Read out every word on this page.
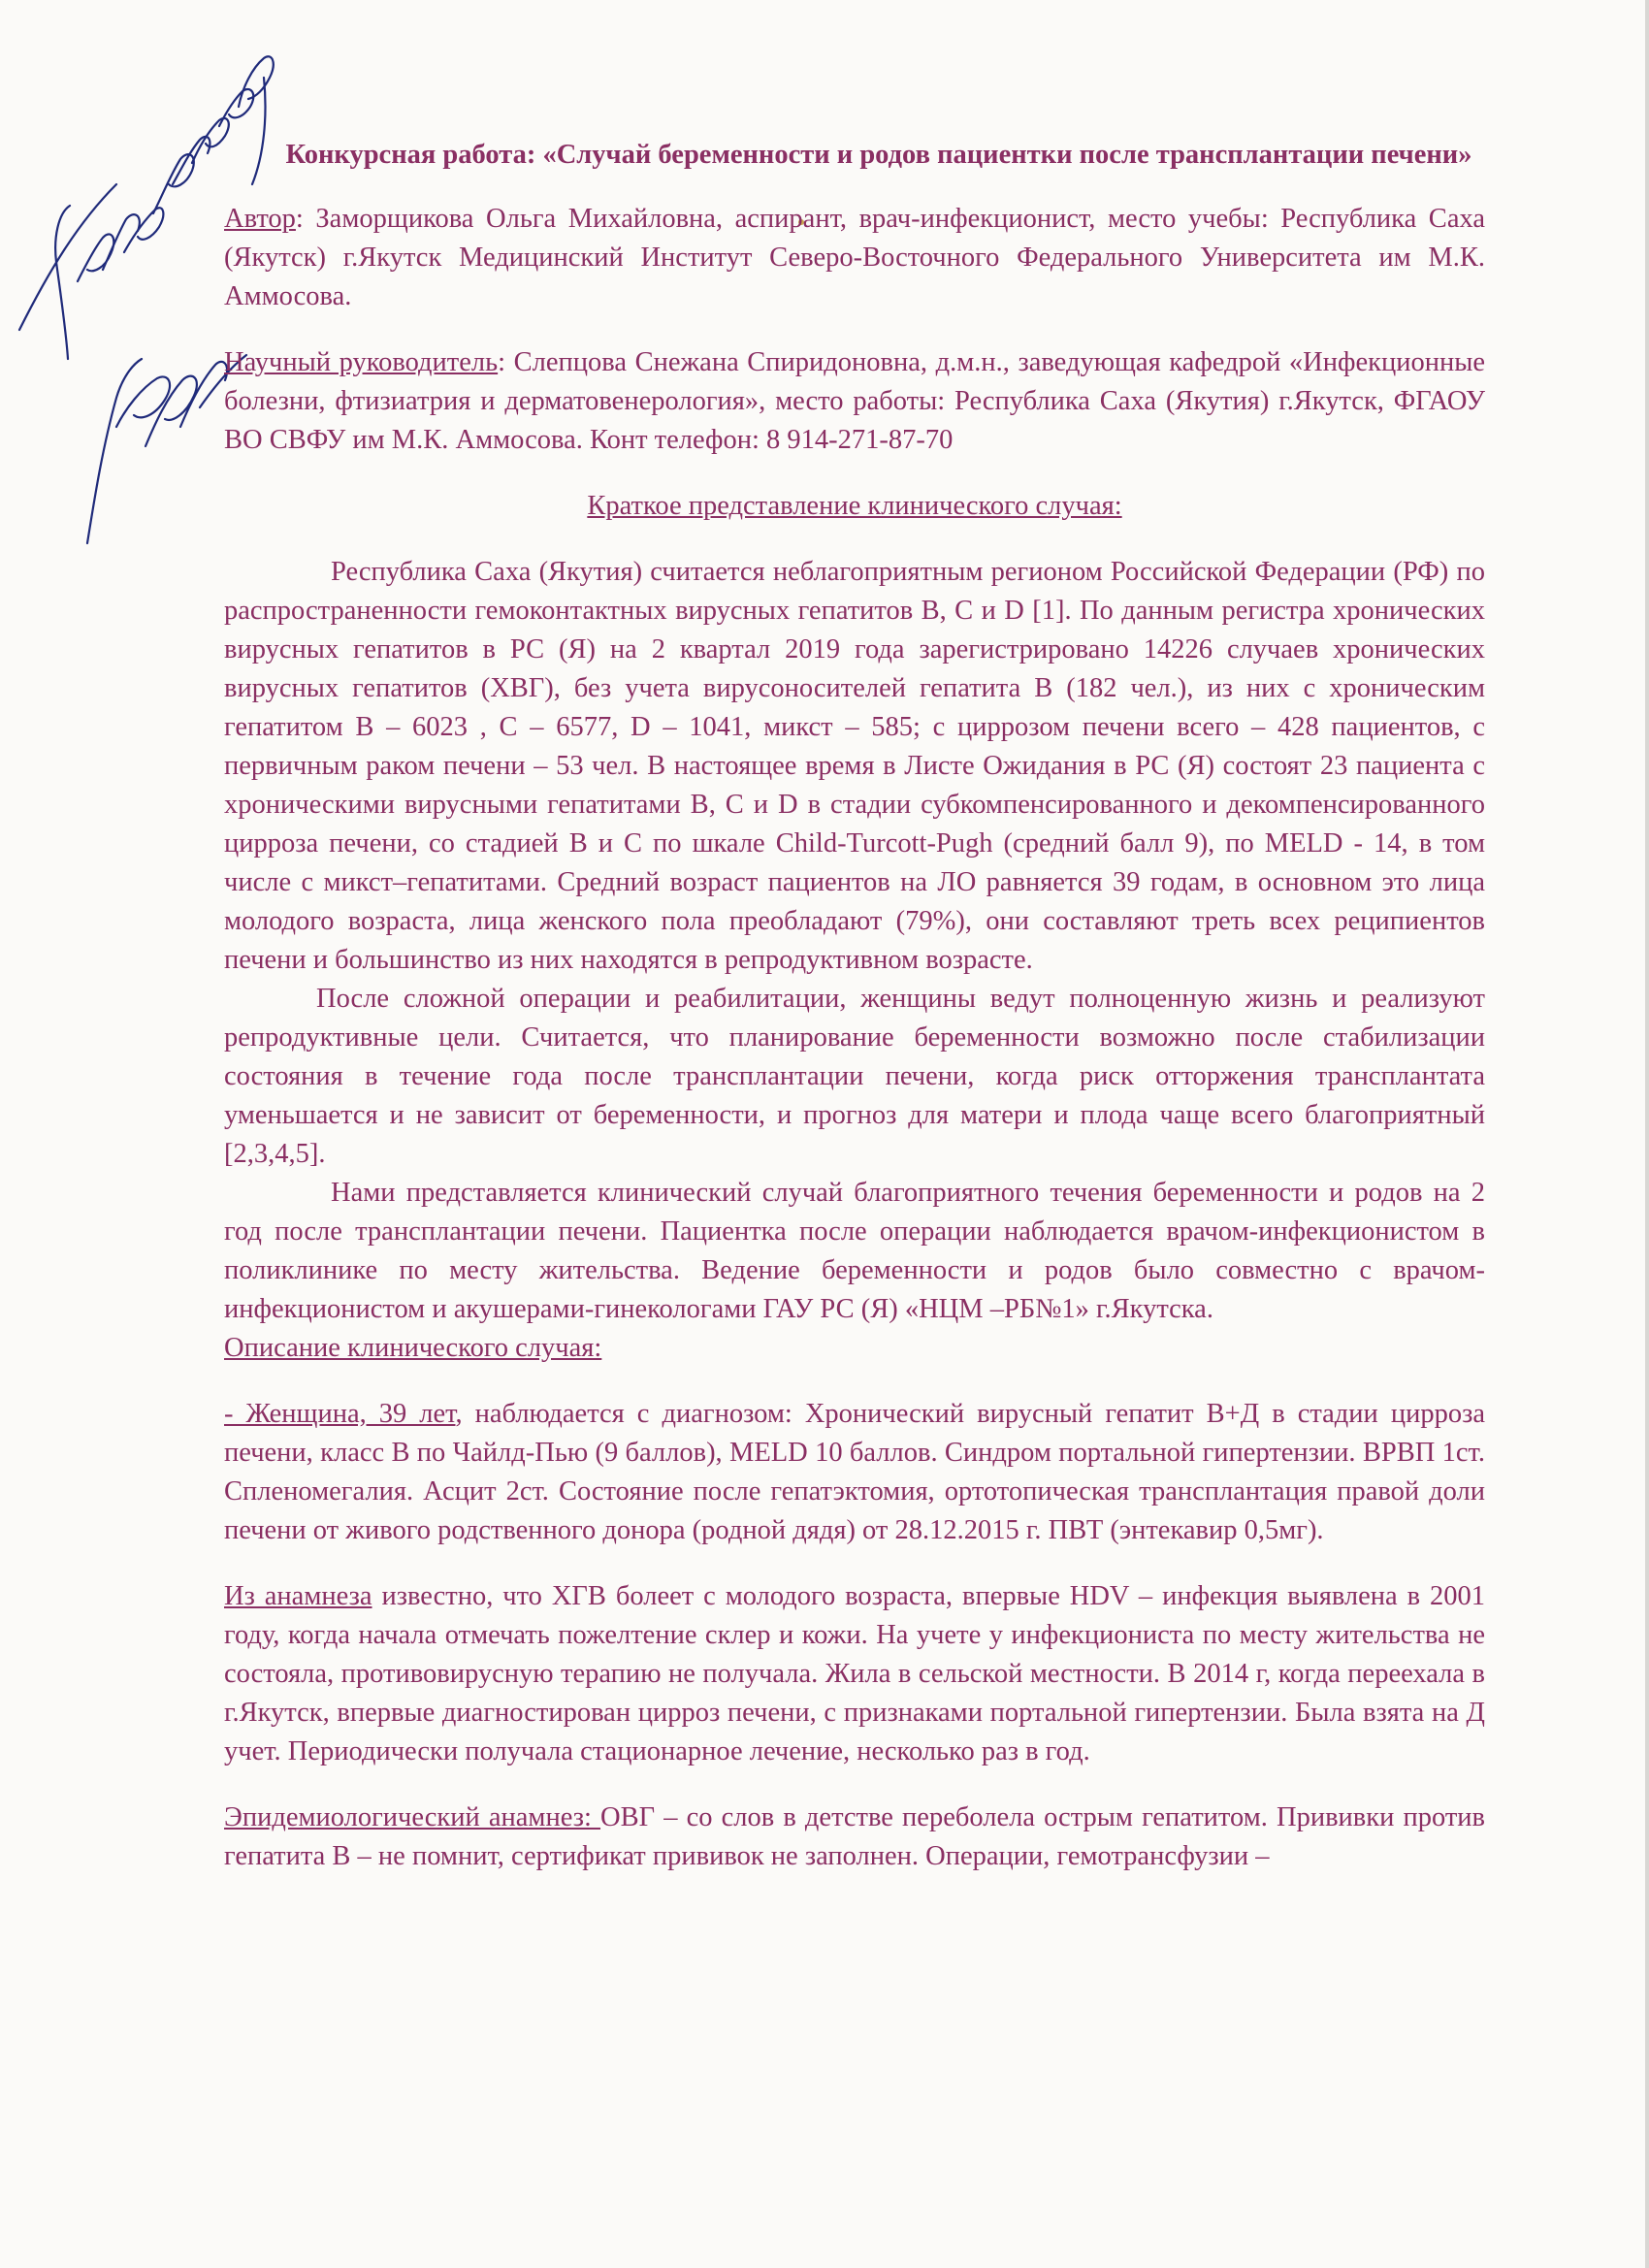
Конкурсная работа: «Случай беременности и родов пациентки после трансплантации печени»

Автор: Заморщикова Ольга Михайловна, аспирант, врач-инфекционист, место учебы: Республика Саха (Якутск) г.Якутск Медицинский Институт Северо-Восточного Федерального Университета им М.К. Аммосова.

Научный руководитель: Слепцова Снежана Спиридоновна, д.м.н., заведующая кафедрой «Инфекционные болезни, фтизиатрия и дерматовенерология», место работы: Республика Саха (Якутия) г.Якутск, ФГАОУ ВО СВФУ им М.К. Аммосова. Конт телефон: 8 914-271-87-70

Краткое представление клинического случая:

Республика Саха (Якутия) считается неблагоприятным регионом Российской Федерации (РФ) по распространенности гемоконтактных вирусных гепатитов B, C и D [1]. По данным регистра хронических вирусных гепатитов в РС (Я) на 2 квартал 2019 года зарегистрировано 14226 случаев хронических вирусных гепатитов (ХВГ), без учета вирусоносителей гепатита В (182 чел.), из них с хроническим гепатитом В – 6023 , С – 6577, D – 1041, микст – 585; с циррозом печени всего – 428 пациентов, с первичным раком печени – 53 чел. В настоящее время в Листе Ожидания в РС (Я) состоят 23 пациента с хроническими вирусными гепатитами B, C и D в стадии субкомпенсированного и декомпенсированного цирроза печени, со стадией B и C по шкале Child-Turcott-Pugh (средний балл 9), по MELD - 14, в том числе с микст–гепатитами. Средний возраст пациентов на ЛО равняется 39 годам, в основном это лица молодого возраста, лица женского пола преобладают (79%), они составляют треть всех реципиентов печени и большинство из них находятся в репродуктивном возрасте.

После сложной операции и реабилитации, женщины ведут полноценную жизнь и реализуют репродуктивные цели. Считается, что планирование беременности возможно после стабилизации состояния в течение года после трансплантации печени, когда риск отторжения трансплантата уменьшается и не зависит от беременности, и прогноз для матери и плода чаще всего благоприятный [2,3,4,5].

Нами представляется клинический случай благоприятного течения беременности и родов на 2 год после трансплантации печени. Пациентка после операции наблюдается врачом-инфекционистом в поликлинике по месту жительства. Ведение беременности и родов было совместно с врачом-инфекционистом и акушерами-гинекологами ГАУ РС (Я) «НЦМ –РБ№1» г.Якутска.

Описание клинического случая:

- Женщина, 39 лет, наблюдается с диагнозом: Хронический вирусный гепатит В+Д в стадии цирроза печени, класс В по Чайлд-Пью (9 баллов), MELD 10 баллов. Синдром портальной гипертензии. ВРВП 1ст. Спленомегалия. Асцит 2ст. Состояние после гепатэктомия, ортотопическая трансплантация правой доли печени от живого родственного донора (родной дядя) от 28.12.2015 г. ПВТ (энтекавир 0,5мг).

Из анамнеза известно, что ХГВ болеет с молодого возраста, впервые HDV – инфекция выявлена в 2001 году, когда начала отмечать пожелтение склер и кожи. На учете у инфекциониста по месту жительства не состояла, противовирусную терапию не получала. Жила в сельской местности. В 2014 г, когда переехала в г.Якутск, впервые диагностирован цирроз печени, с признаками портальной гипертензии. Была взята на Д учет. Периодически получала стационарное лечение, несколько раз в год.

Эпидемиологический анамнез: ОВГ – со слов в детстве переболела острым гепатитом. Прививки против гепатита В – не помнит, сертификат прививок не заполнен. Операции, гемотрансфузии –
